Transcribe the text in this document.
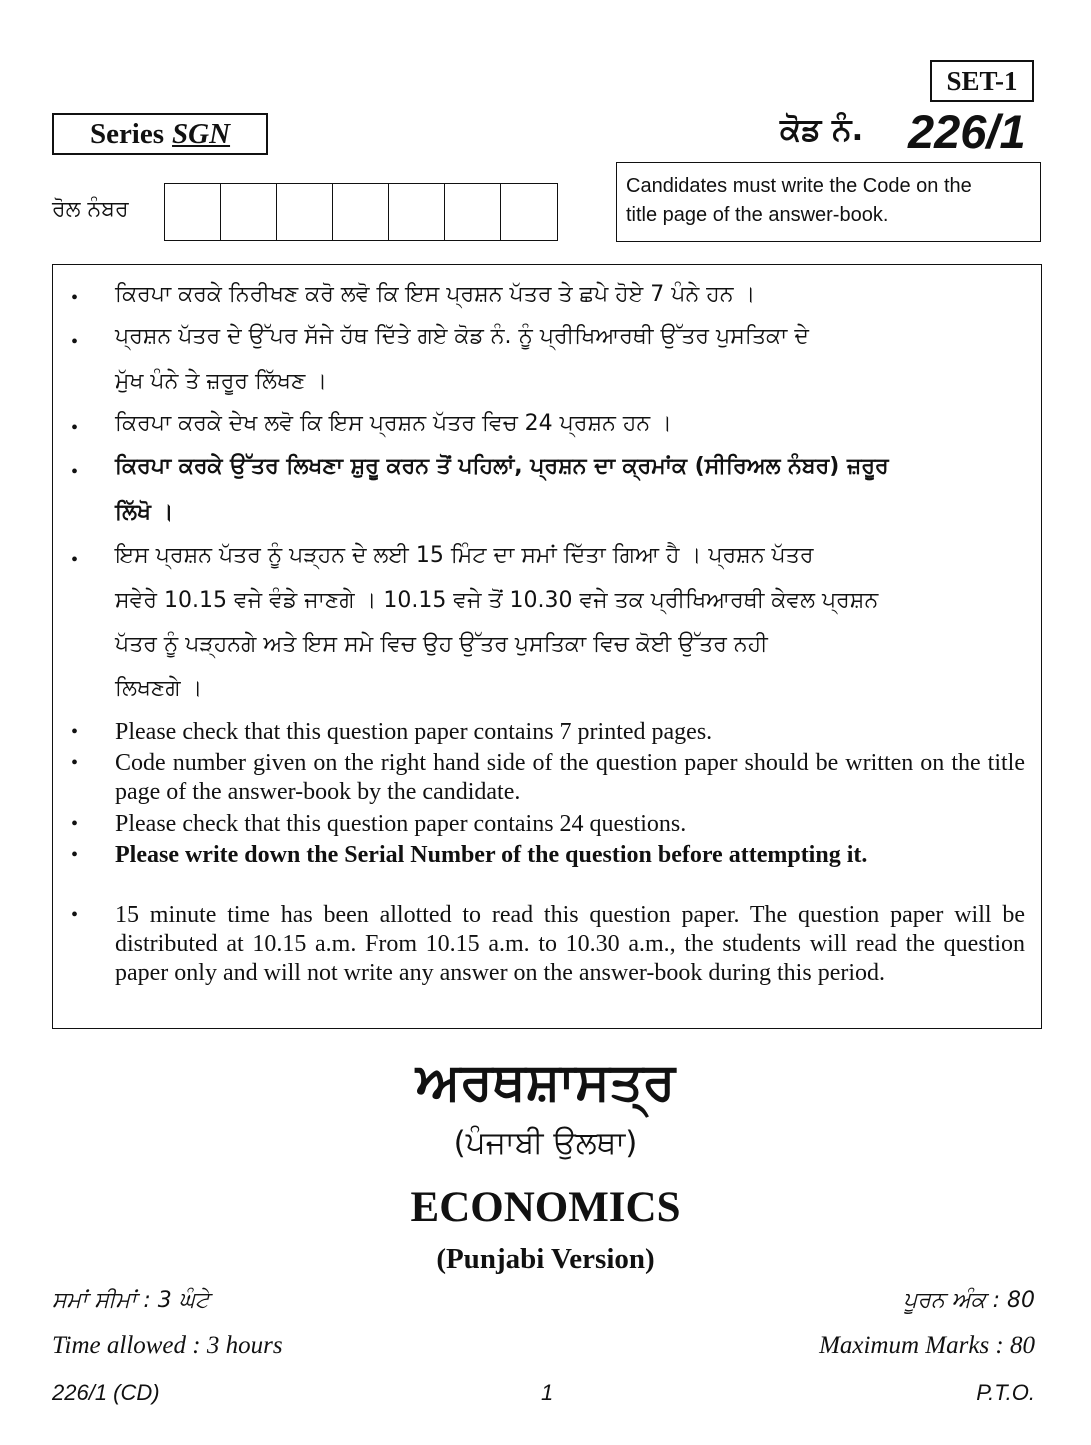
SET-1
Series SGN	ਕੋਡ ਨੰ. 226/1
ਰੋਲ ਨੰਬਰ
Candidates must write the Code on the
title page of the answer-book.
• ਕਿਰਪਾ ਕਰਕੇ ਨਿਰੀਖਣ ਕਰੋ ਲਵੋ ਕਿ ਇਸ ਪ੍ਰਸ਼ਨ ਪੱਤਰ ਤੇ ਛਪੇ ਹੋਏ 7 ਪੰਨੇ ਹਨ ।
• ਪ੍ਰਸ਼ਨ ਪੱਤਰ ਦੇ ਉੱਪਰ ਸੱਜੇ ਹੱਥ ਦਿੱਤੇ ਗਏ ਕੋਡ ਨੰ. ਨੂੰ ਪ੍ਰੀਖਿਆਰਥੀ ਉੱਤਰ ਪੁਸਤਿਕਾ ਦੇ
ਮੁੱਖ ਪੰਨੇ ਤੇ ਜ਼ਰੂਰ ਲਿੱਖਣ ।
• ਕਿਰਪਾ ਕਰਕੇ ਦੇਖ ਲਵੋ ਕਿ ਇਸ ਪ੍ਰਸ਼ਨ ਪੱਤਰ ਵਿਚ 24 ਪ੍ਰਸ਼ਨ ਹਨ ।
• ਕਿਰਪਾ ਕਰਕੇ ਉੱਤਰ ਲਿਖਣਾ ਸ਼ੁਰੂ ਕਰਨ ਤੋਂ ਪਹਿਲਾਂ, ਪ੍ਰਸ਼ਨ ਦਾ ਕ੍ਰਮਾਂਕ (ਸੀਰਿਅਲ ਨੰਬਰ) ਜ਼ਰੂਰ
ਲਿੱਖੋ ।
• ਇਸ ਪ੍ਰਸ਼ਨ ਪੱਤਰ ਨੂੰ ਪੜ੍ਹਨ ਦੇ ਲਈ 15 ਮਿੰਟ ਦਾ ਸਮਾਂ ਦਿੱਤਾ ਗਿਆ ਹੈ । ਪ੍ਰਸ਼ਨ ਪੱਤਰ
ਸਵੇਰੇ 10.15 ਵਜੇ ਵੰਡੇ ਜਾਣਗੇ । 10.15 ਵਜੇ ਤੋਂ 10.30 ਵਜੇ ਤਕ ਪ੍ਰੀਖਿਆਰਥੀ ਕੇਵਲ ਪ੍ਰਸ਼ਨ
ਪੱਤਰ ਨੂੰ ਪੜ੍ਹਨਗੇ ਅਤੇ ਇਸ ਸਮੇ ਵਿਚ ਉਹ ਉੱਤਰ ਪੁਸਤਿਕਾ ਵਿਚ ਕੋਈ ਉੱਤਰ ਨਹੀ
ਲਿਖਣਗੇ ।
• Please check that this question paper contains 7 printed pages.
• Code number given on the right hand side of the question paper should be written on the title page of the answer-book by the candidate.
• Please check that this question paper contains 24 questions.
• Please write down the Serial Number of the question before attempting it.
• 15 minute time has been allotted to read this question paper. The question paper will be distributed at 10.15 a.m. From 10.15 a.m. to 10.30 a.m., the students will read the question paper only and will not write any answer on the answer-book during this period.
ਅਰਥਸ਼ਾਸਤ੍ਰ
(ਪੰਜਾਬੀ ਉਲਥਾ)
ECONOMICS
(Punjabi Version)
ਸਮਾਂ ਸੀਮਾਂ : 3 ਘੰਟੇ	ਪੂਰਨ ਅੰਕ : 80
Time allowed : 3 hours	Maximum Marks : 80
226/1 (CD)	1	P.T.O.
